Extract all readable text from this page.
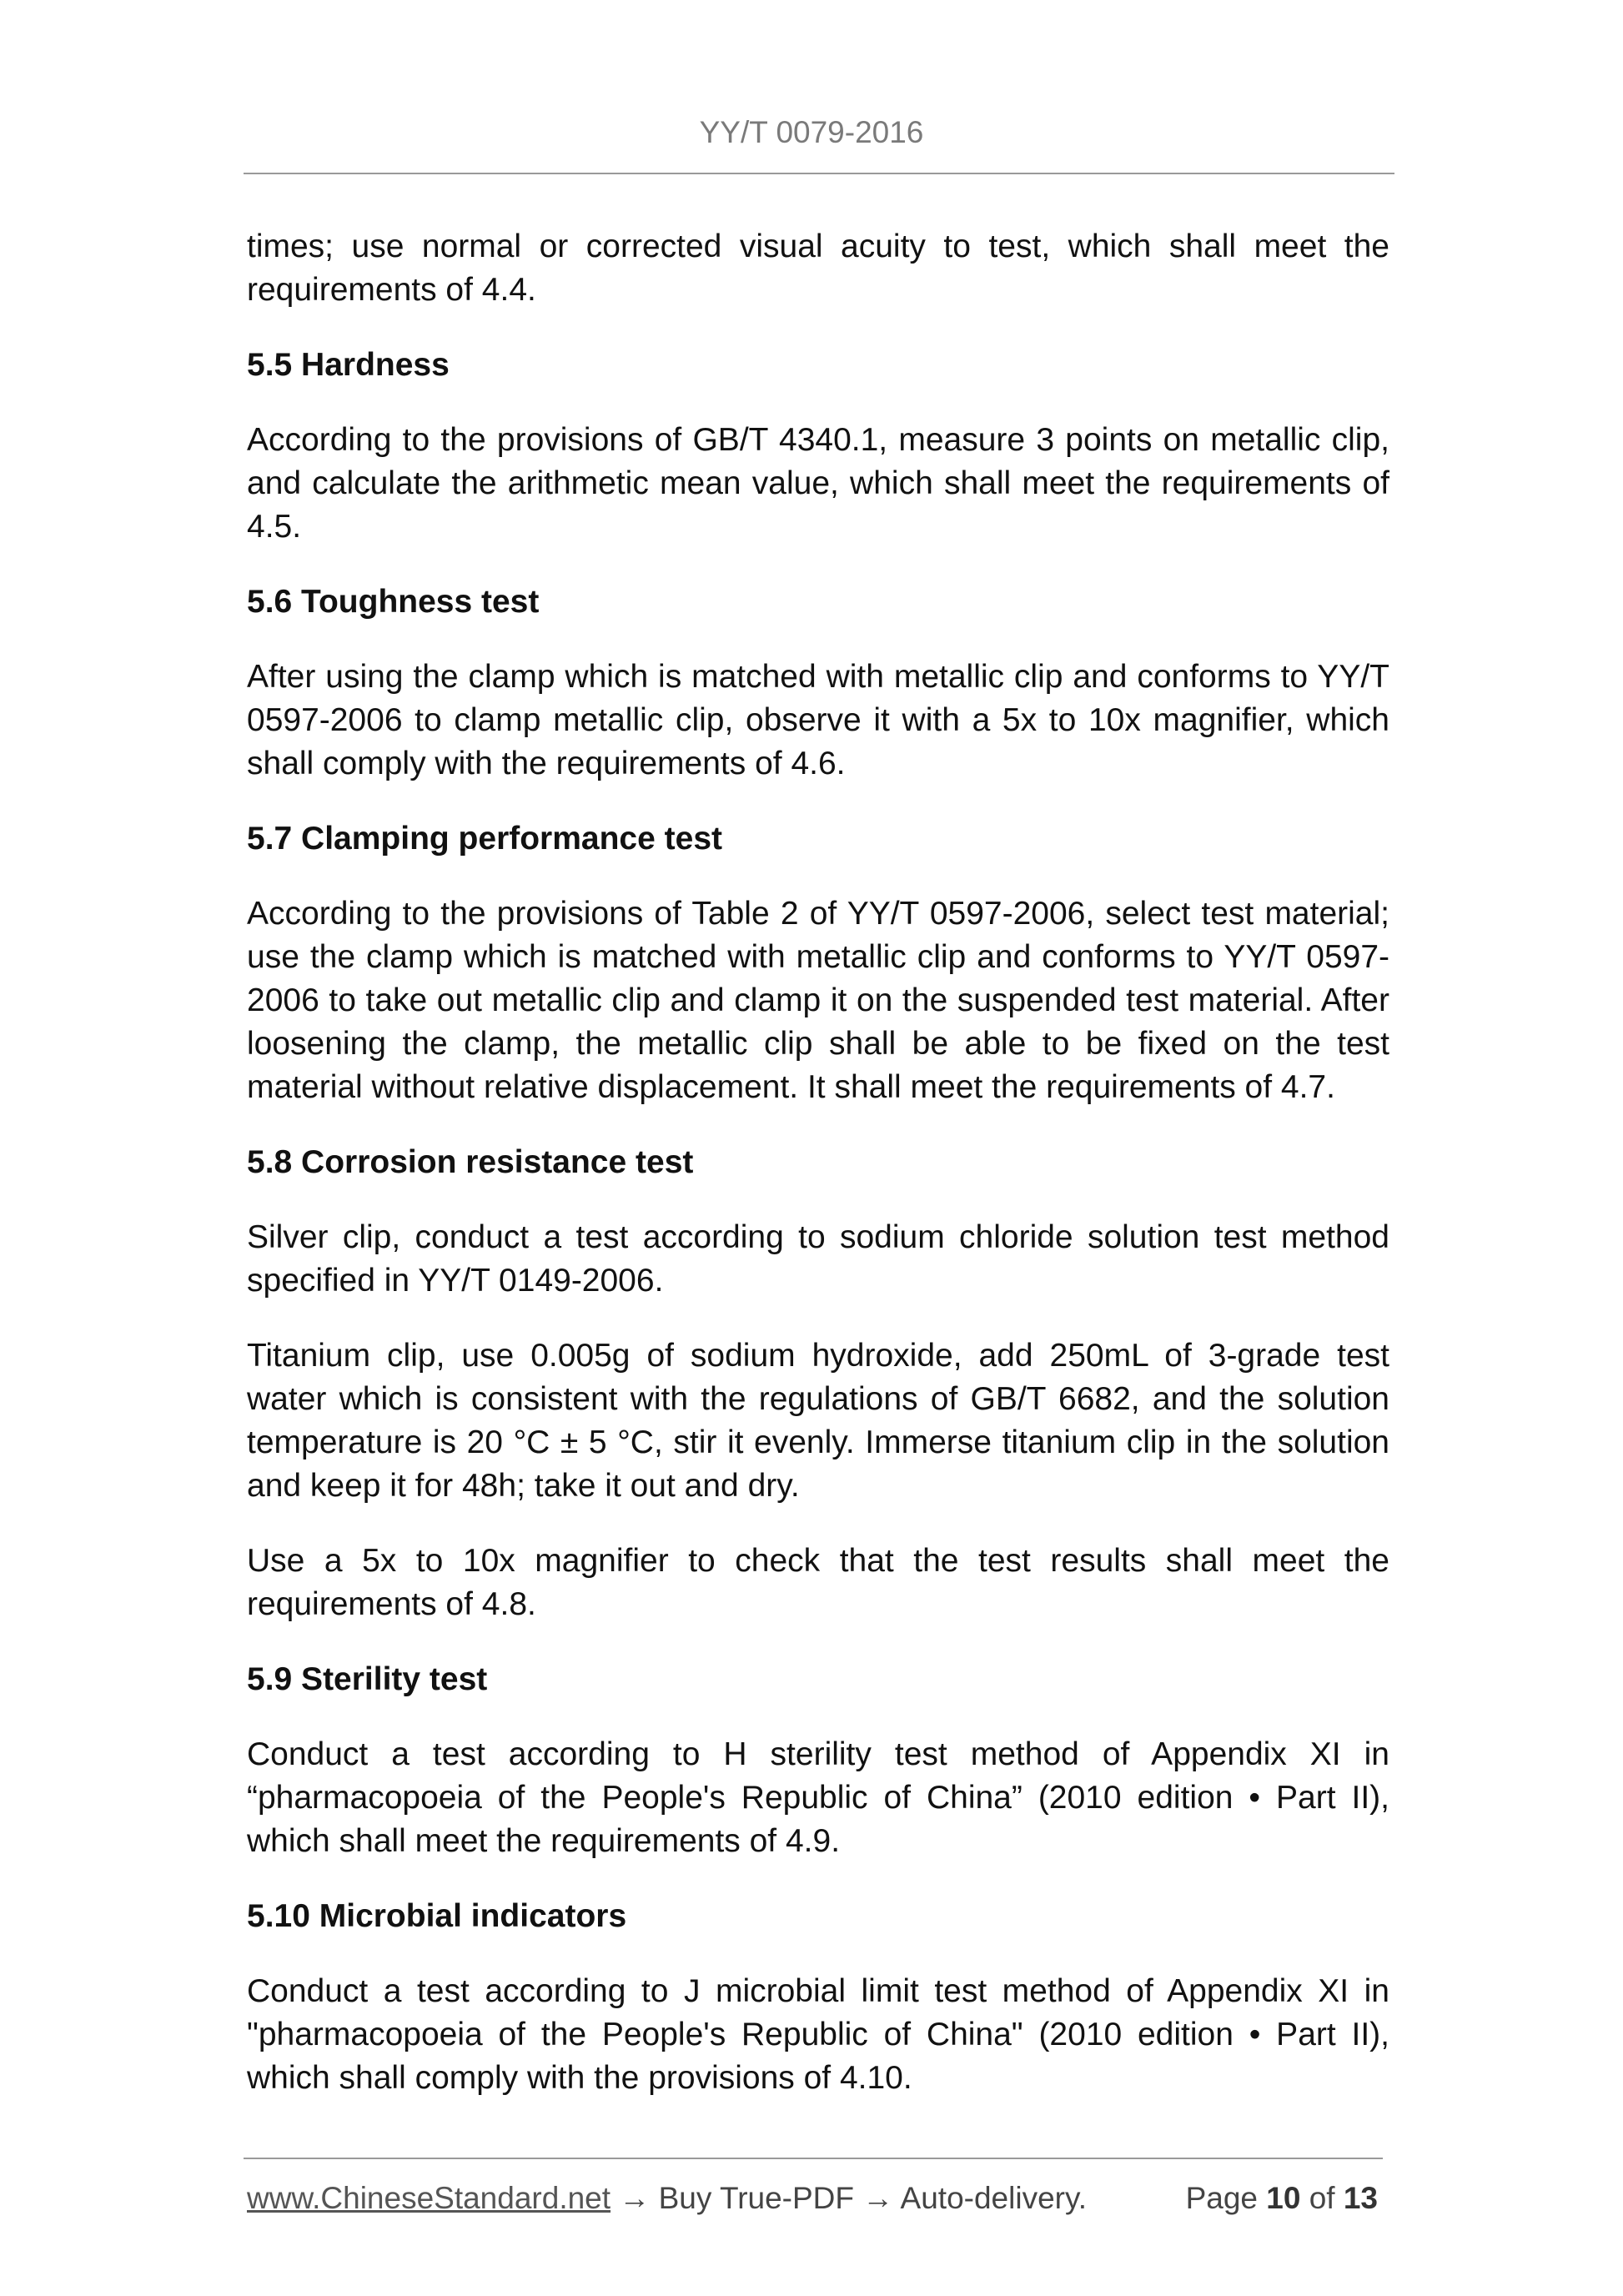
YY/T 0079-2016

times; use normal or corrected visual acuity to test, which shall meet the requirements of 4.4.

5.5 Hardness

According to the provisions of GB/T 4340.1, measure 3 points on metallic clip, and calculate the arithmetic mean value, which shall meet the requirements of 4.5.

5.6 Toughness test

After using the clamp which is matched with metallic clip and conforms to YY/T 0597-2006 to clamp metallic clip, observe it with a 5x to 10x magnifier, which shall comply with the requirements of 4.6.

5.7 Clamping performance test

According to the provisions of Table 2 of YY/T 0597-2006, select test material; use the clamp which is matched with metallic clip and conforms to YY/T 0597-2006 to take out metallic clip and clamp it on the suspended test material. After loosening the clamp, the metallic clip shall be able to be fixed on the test material without relative displacement. It shall meet the requirements of 4.7.

5.8 Corrosion resistance test

Silver clip, conduct a test according to sodium chloride solution test method specified in YY/T 0149-2006.

Titanium clip, use 0.005g of sodium hydroxide, add 250mL of 3-grade test water which is consistent with the regulations of GB/T 6682, and the solution temperature is 20 °C ± 5 °C, stir it evenly. Immerse titanium clip in the solution and keep it for 48h; take it out and dry.

Use a 5x to 10x magnifier to check that the test results shall meet the requirements of 4.8.

5.9 Sterility test

Conduct a test according to H sterility test method of Appendix XI in “pharmacopoeia of the People's Republic of China” (2010 edition • Part II), which shall meet the requirements of 4.9.

5.10 Microbial indicators

Conduct a test according to J microbial limit test method of Appendix XI in "pharmacopoeia of the People's Republic of China" (2010 edition • Part II), which shall comply with the provisions of 4.10.

www.ChineseStandard.net → Buy True-PDF → Auto-delivery.	Page 10 of 13
